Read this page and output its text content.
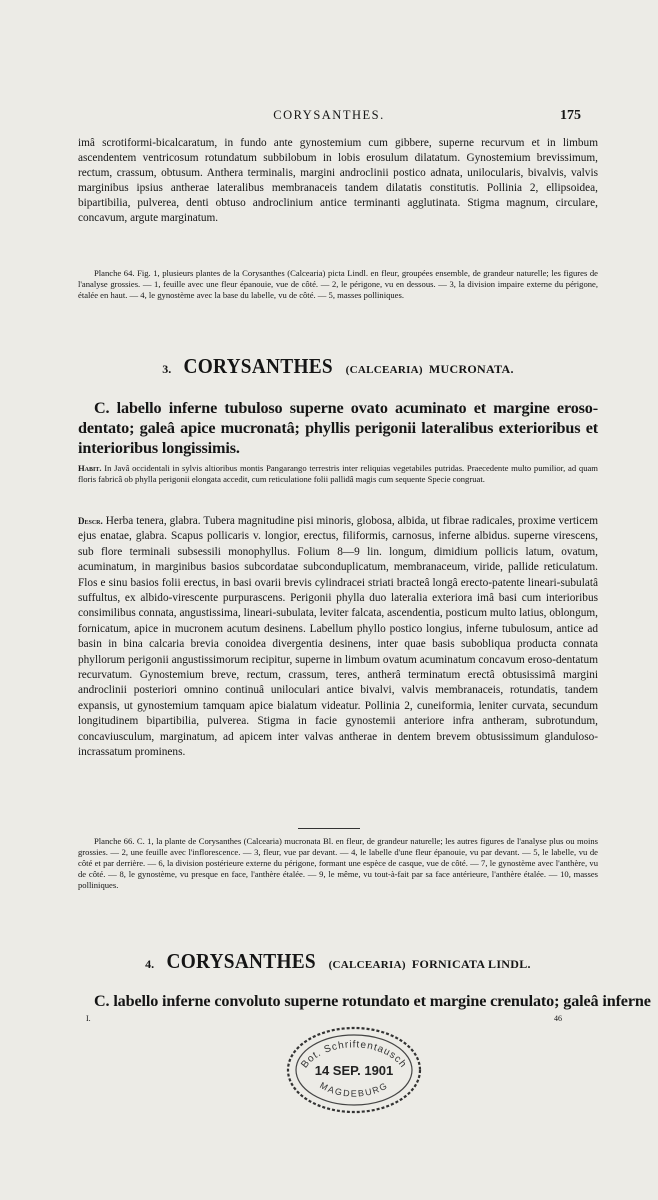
CORYSANTHES.	175

imâ scrotiformi-bicalcaratum, in fundo ante gynostemium cum gibbere, superne recurvum et in limbum ascendentem ventricosum rotundatum subbilobum in lobis erosulum dilatatum. Gynostemium brevissimum, rectum, crassum, obtusum. Anthera terminalis, margini androclinii postico adnata, unilocularis, bivalvis, valvis marginibus ipsius antherae lateralibus membranaceis tandem dilatatis constitutis. Pollinia 2, ellipsoidea, bipartibilia, pulverea, denti obtuso androclinium antice terminanti agglutinata. Stigma magnum, circulare, concavum, argute marginatum.

Planche 64. Fig. 1, plusieurs plantes de la Corysanthes (Calcearia) picta Lindl. en fleur, groupées ensemble, de grandeur naturelle; les figures de l'analyse grossies. — 1, feuille avec une fleur épanouie, vue de côté. — 2, le périgone, vu en dessous. — 3, la division impaire externe du périgone, étalée en haut. — 4, le gynostème avec la base du labelle, vu de côté. — 5, masses polliniques.

3. CORYSANTHES (CALCEARIA) MUCRONATA.

C. labello inferne tubuloso superne ovato acuminato et margine eroso-dentato; galeâ apice mucronatâ; phyllis perigonii lateralibus exterioribus et interioribus longissimis.

Habit. In Javâ occidentali in sylvis altioribus montis Pangarango terrestris inter reliquias vegetabiles putridas. Praecedente multo pumilior, ad quam floris fabricâ ob phylla perigonii elongata accedit, cum reticulatione folii pallidâ magis cum sequente Specie congruat.

Descr. Herba tenera, glabra. Tubera magnitudine pisi minoris, globosa, albida, ut fibrae radicales, proxime verticem ejus enatae, glabra. Scapus pollicaris v. longior, erectus, filiformis, carnosus, inferne albidus. superne virescens, sub flore terminali subsessili monophyllus. Folium 8—9 lin. longum, dimidium pollicis latum, ovatum, acuminatum, in marginibus basios subcordatae subconduplicatum, membranaceum, viride, pallide reticulatum. Flos e sinu basios folii erectus, in basi ovarii brevis cylindracei striati bracteâ longâ erecto-patente lineari-subulatâ suffultus, ex albido-virescente purpurascens. Perigonii phylla duo lateralia exteriora imâ basi cum interioribus consimilibus connata, angustissima, lineari-subulata, leviter falcata, ascendentia, posticum multo latius, oblongum, fornicatum, apice in mucronem acutum desinens. Labellum phyllo postico longius, inferne tubulosum, antice ad basin in bina calcaria brevia conoidea divergentia desinens, inter quae basis subobliqua producta connata phyllorum perigonii angustissimorum recipitur, superne in limbum ovatum acuminatum concavum eroso-dentatum recurvatum. Gynostemium breve, rectum, crassum, teres, antherâ terminatum erectâ obtusissimâ margini androclinii posteriori omnino continuâ uniloculari antice bivalvi, valvis membranaceis, rotundatis, tandem expansis, ut gynostemium tamquam apice bialatum videatur. Pollinia 2, cuneiformia, leniter curvata, secundum longitudinem bipartibilia, pulverea. Stigma in facie gynostemii anteriore infra antheram, subrotundum, concaviusculum, marginatum, ad apicem inter valvas antherae in dentem brevem obtusissimum glanduloso-incrassatum prominens.

Planche 66. C. 1, la plante de Corysanthes (Calcearia) mucronata Bl. en fleur, de grandeur naturelle; les autres figures de l'analyse plus ou moins grossies. — 2, une feuille avec l'inflorescence. — 3, fleur, vue par devant. — 4, le labelle d'une fleur épanouie, vu par devant. — 5, le labelle, vu de côté et par derrière. — 6, la division postérieure externe du périgone, formant une espèce de casque, vue de côté. — 7, le gynostème avec l'anthère, vu de côté. — 8, le gynostème, vu presque en face, l'anthère étalée. — 9, le même, vu tout-à-fait par sa face antérieure, l'anthère étalée. — 10, masses polliniques.

4. CORYSANTHES (CALCEARIA) FORNICATA LINDL.

C. labello inferne convoluto superne rotundato et margine crenulato; galeâ inferne

I.	46
Bot. Schriftentausch
14 SEP. 1901
MAGDEBURG
